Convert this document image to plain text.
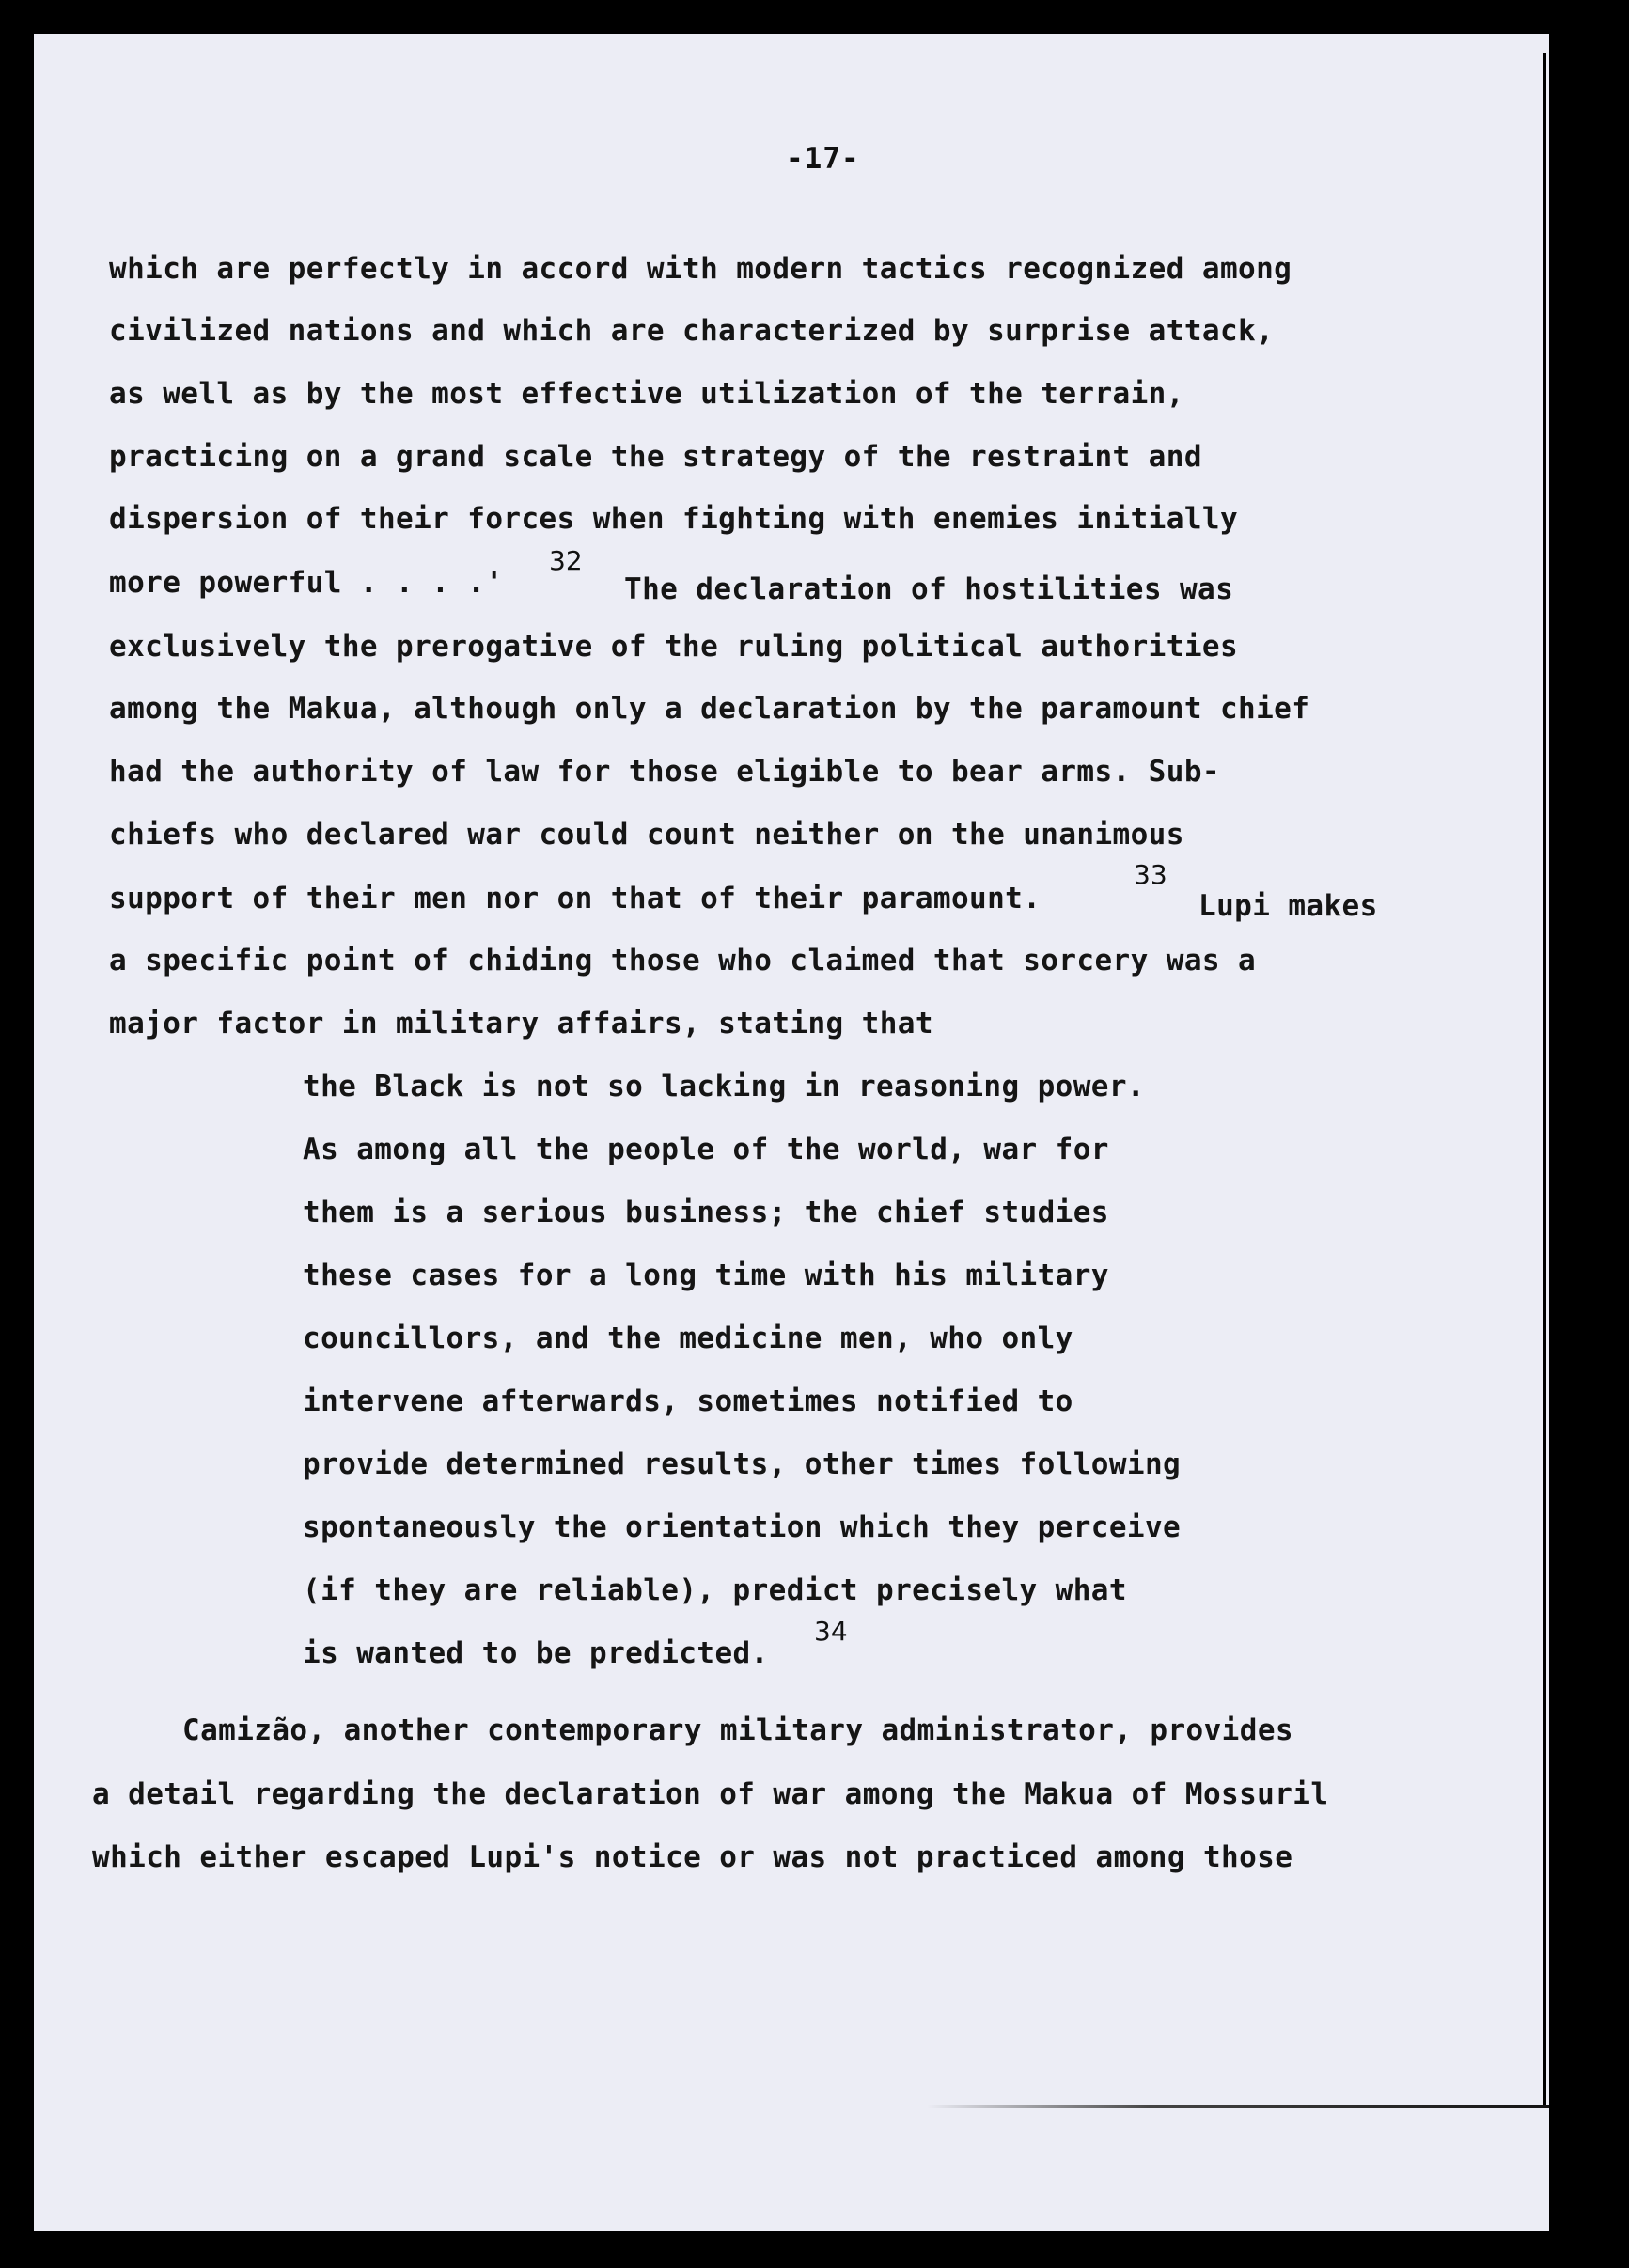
-17-
which are perfectly in accord with modern tactics recognized among
civilized nations and which are characterized by surprise attack,
as well as by the most effective utilization of the terrain,
practicing on a grand scale the strategy of the restraint and
dispersion of their forces when fighting with enemies initially
more powerful . . . .'
32
The declaration of hostilities was
exclusively the prerogative of the ruling political authorities
among the Makua, although only a declaration by the paramount chief
had the authority of law for those eligible to bear arms. Sub-
chiefs who declared war could count neither on the unanimous
support of their men nor on that of their paramount.
33
Lupi makes
a specific point of chiding those who claimed that sorcery was a
major factor in military affairs, stating that
the Black is not so lacking in reasoning power.
As among all the people of the world, war for
them is a serious business; the chief studies
these cases for a long time with his military
councillors, and the medicine men, who only
intervene afterwards, sometimes notified to
provide determined results, other times following
spontaneously the orientation which they perceive
(if they are reliable), predict precisely what
is wanted to be predicted.
34
Camizão, another contemporary military administrator, provides
a detail regarding the declaration of war among the Makua of Mossuril
which either escaped Lupi's notice or was not practiced among those
